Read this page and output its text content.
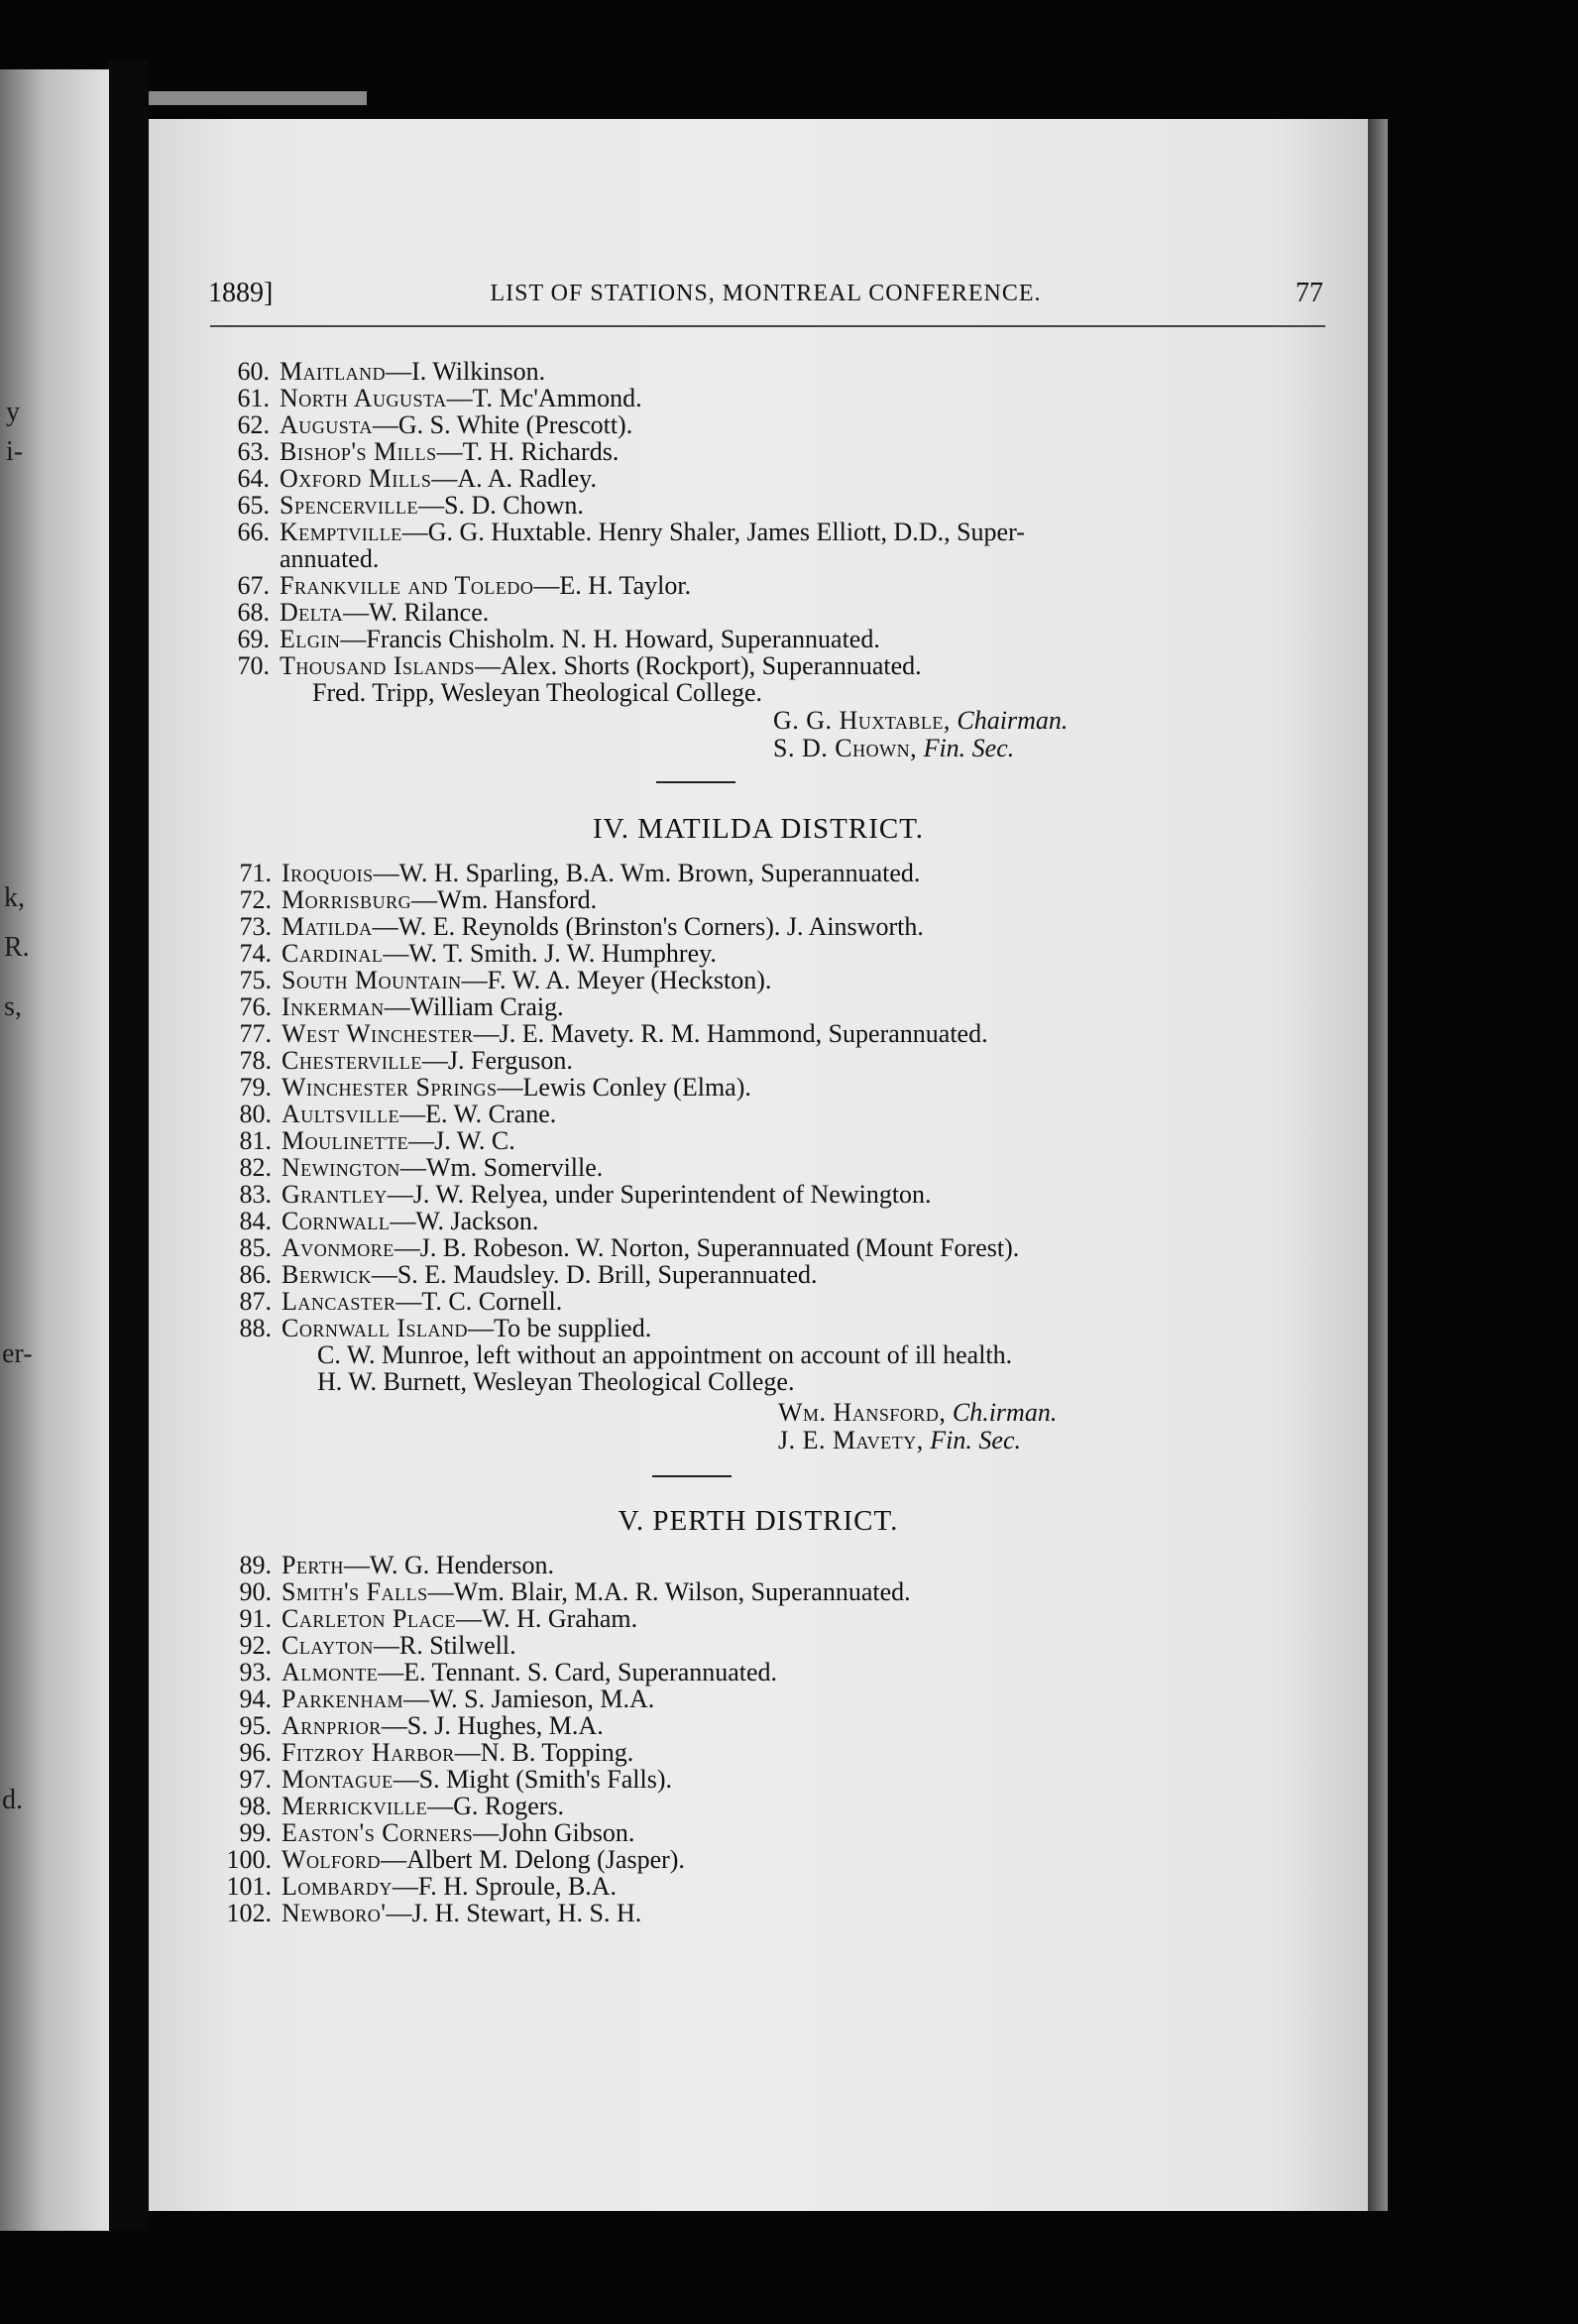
y
i-
k,
R.
s,
er-
d.
1889]	LIST OF STATIONS, MONTREAL CONFERENCE.	77
60. Maitland—I. Wilkinson.
61. North Augusta—T. Mc'Ammond.
62. Augusta—G. S. White (Prescott).
63. Bishop's Mills—T. H. Richards.
64. Oxford Mills—A. A. Radley.
65. Spencerville—S. D. Chown.
66. Kemptville—G. G. Huxtable. Henry Shaler, James Elliott, D.D., Super-
annuated.
67. Frankville and Toledo—E. H. Taylor.
68. Delta—W. Rilance.
69. Elgin—Francis Chisholm. N. H. Howard, Superannuated.
70. Thousand Islands—Alex. Shorts (Rockport), Superannuated.
Fred. Tripp, Wesleyan Theological College.
G. G. Huxtable, Chairman.
S. D. Chown, Fin. Sec.
IV. MATILDA DISTRICT.
71. Iroquois—W. H. Sparling, B.A. Wm. Brown, Superannuated.
72. Morrisburg—Wm. Hansford.
73. Matilda—W. E. Reynolds (Brinston's Corners). J. Ainsworth.
74. Cardinal—W. T. Smith. J. W. Humphrey.
75. South Mountain—F. W. A. Meyer (Heckston).
76. Inkerman—William Craig.
77. West Winchester—J. E. Mavety. R. M. Hammond, Superannuated.
78. Chesterville—J. Ferguson.
79. Winchester Springs—Lewis Conley (Elma).
80. Aultsville—E. W. Crane.
81. Moulinette—J. W. C.
82. Newington—Wm. Somerville.
83. Grantley—J. W. Relyea, under Superintendent of Newington.
84. Cornwall—W. Jackson.
85. Avonmore—J. B. Robeson. W. Norton, Superannuated (Mount Forest).
86. Berwick—S. E. Maudsley. D. Brill, Superannuated.
87. Lancaster—T. C. Cornell.
88. Cornwall Island—To be supplied.
C. W. Munroe, left without an appointment on account of ill health.
H. W. Burnett, Wesleyan Theological College.
Wm. Hansford, Ch.irman.
J. E. Mavety, Fin. Sec.
V. PERTH DISTRICT.
89. Perth—W. G. Henderson.
90. Smith's Falls—Wm. Blair, M.A. R. Wilson, Superannuated.
91. Carleton Place—W. H. Graham.
92. Clayton—R. Stilwell.
93. Almonte—E. Tennant. S. Card, Superannuated.
94. Parkenham—W. S. Jamieson, M.A.
95. Arnprior—S. J. Hughes, M.A.
96. Fitzroy Harbor—N. B. Topping.
97. Montague—S. Might (Smith's Falls).
98. Merrickville—G. Rogers.
99. Easton's Corners—John Gibson.
100. Wolford—Albert M. Delong (Jasper).
101. Lombardy—F. H. Sproule, B.A.
102. Newboro'—J. H. Stewart, H. S. H.
